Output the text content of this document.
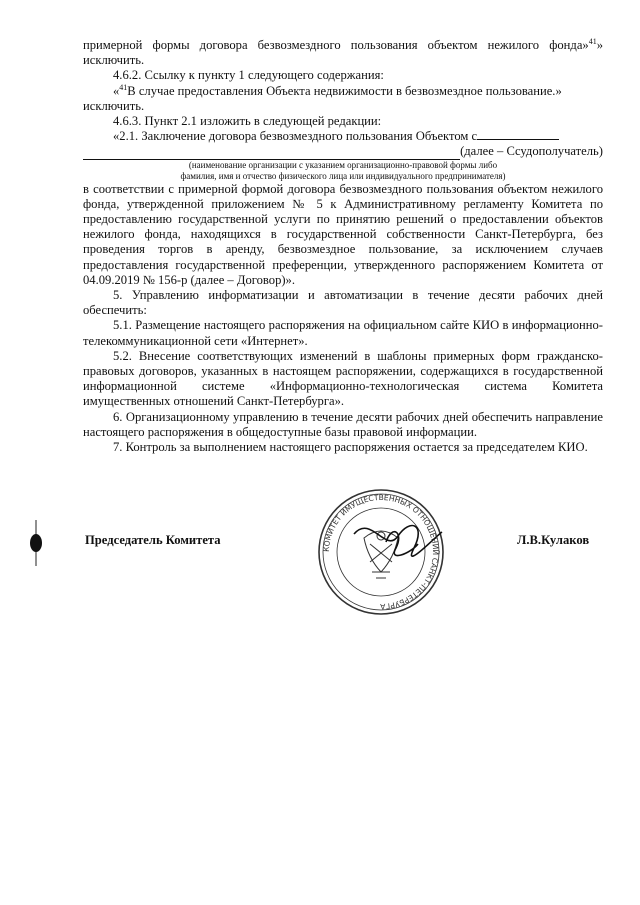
примерной формы договора безвозмездного пользования объектом нежилого фонда»$^{41}$» исключить.

4.6.2. Ссылку к пункту 1 следующего содержания:

«$^{41}$В случае предоставления Объекта недвижимости в безвозмездное пользование.» исключить.

4.6.3. Пункт 2.1 изложить в следующей редакции:

«2.1. Заключение договора безвозмездного пользования Объектом с

(далее – Ссудополучатель)

(наименование организации с указанием организационно-правовой формы либо

фамилия, имя и отчество физического лица или индивидуального предпринимателя)

в соответствии с примерной формой договора безвозмездного пользования объектом нежилого фонда, утвержденной приложением № 5 к Административному регламенту Комитета по предоставлению государственной услуги по принятию решений о предоставлении объектов нежилого фонда, находящихся в государственной собственности Санкт-Петербурга, без проведения торгов в аренду, безвозмездное пользование, за исключением случаев предоставления государственной преференции, утвержденного распоряжением Комитета от 04.09.2019 № 156-р (далее – Договор)».

5. Управлению информатизации и автоматизации в течение десяти рабочих дней обеспечить:

5.1. Размещение настоящего распоряжения на официальном сайте КИО в информационно-телекоммуникационной сети «Интернет».

5.2. Внесение соответствующих изменений в шаблоны примерных форм гражданско-правовых договоров, указанных в настоящем распоряжении, содержащихся в государственной информационной системе «Информационно-технологическая система Комитета имущественных отношений Санкт-Петербурга».

6. Организационному управлению в течение десяти рабочих дней обеспечить направление настоящего распоряжения в общедоступные базы правовой информации.

7. Контроль за выполнением настоящего распоряжения остается за председателем КИО.

Председатель Комитета	Л.В.Кулаков
КОМИТЕТ ИМУЩЕСТВЕННЫХ ОТНОШЕНИЙ САНКТ-ПЕТЕРБУРГА
